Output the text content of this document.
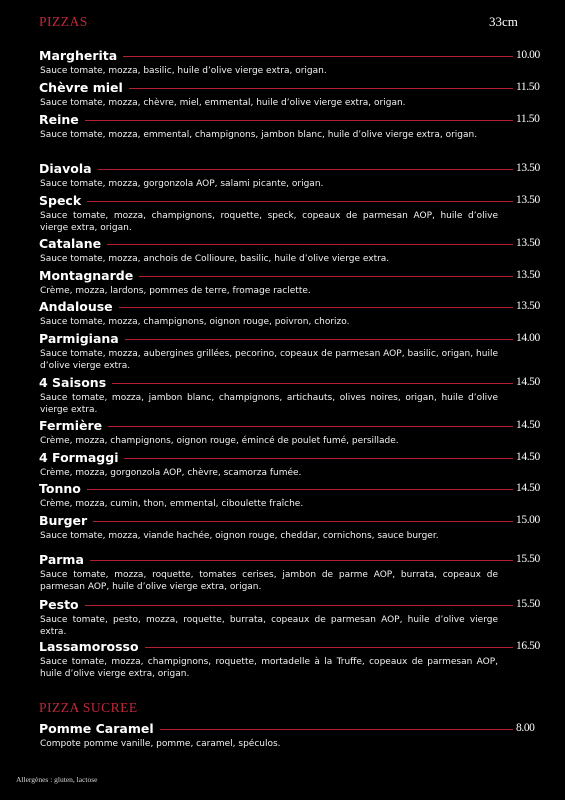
PIZZAS	33cm
Margherita	10.00
Sauce tomate, mozza, basilic, huile d’olive vierge extra, origan.
Chèvre miel	11.50
Sauce tomate, mozza, chèvre, miel, emmental, huile d’olive vierge extra, origan.
Reine	11.50
Sauce tomate, mozza, emmental, champignons, jambon blanc, huile d’olive vierge extra, origan.
Diavola	13.50
Sauce tomate, mozza, gorgonzola AOP, salami picante, origan.
Speck	13.50
Sauce tomate, mozza, champignons, roquette, speck, copeaux de parmesan AOP, huile d’olive vierge extra, origan.
Catalane	13.50
Sauce tomate, mozza, anchois de Collioure, basilic, huile d’olive vierge extra.
Montagnarde	13.50
Crème, mozza, lardons, pommes de terre, fromage raclette.
Andalouse	13.50
Sauce tomate, mozza, champignons, oignon rouge, poivron, chorizo.
Parmigiana	14.00
Sauce tomate, mozza, aubergines grillées, pecorino, copeaux de parmesan AOP, basilic, origan, huile d’olive vierge extra.
4 Saisons	14.50
Sauce tomate, mozza, jambon blanc, champignons, artichauts, olives noires, origan, huile d’olive vierge extra.
Fermière	14.50
Crème, mozza, champignons, oignon rouge, émincé de poulet fumé, persillade.
4 Formaggi	14.50
Crème, mozza, gorgonzola AOP, chèvre, scamorza fumée.
Tonno	14.50
Crème, mozza, cumin, thon, emmental, ciboulette fraîche.
Burger	15.00
Sauce tomate, mozza, viande hachée, oignon rouge, cheddar, cornichons, sauce burger.
Parma	15.50
Sauce tomate, mozza, roquette, tomates cerises, jambon de parme AOP, burrata, copeaux de parmesan AOP, huile d’olive vierge extra, origan.
Pesto	15.50
Sauce tomate, pesto, mozza, roquette, burrata, copeaux de parmesan AOP, huile d’olive vierge extra.
Lassamorosso	16.50
Sauce tomate, mozza, champignons, roquette, mortadelle à la Truffe, copeaux de parmesan AOP, huile d’olive vierge extra, origan.
PIZZA SUCREE
Pomme Caramel	8.00
Compote pomme vanille, pomme, caramel, spéculos.
Allergènes : gluten, lactose
